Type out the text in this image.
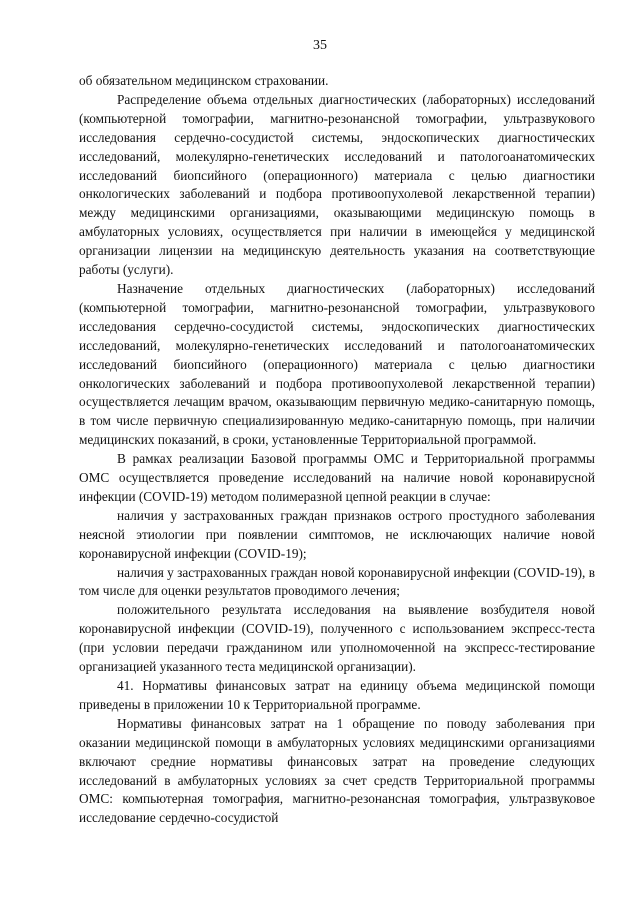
35

об обязательном медицинском страховании.

Распределение объема отдельных диагностических (лабораторных) исследований (компьютерной томографии, магнитно-резонансной томографии, ультразвукового исследования сердечно-сосудистой системы, эндоскопических диагностических исследований, молекулярно-генетических исследований и патологоанатомических исследований биопсийного (операционного) материала с целью диагностики онкологических заболеваний и подбора противоопухолевой лекарственной терапии) между медицинскими организациями, оказывающими медицинскую помощь в амбулаторных условиях, осуществляется при наличии в имеющейся у медицинской организации лицензии на медицинскую деятельность указания на соответствующие работы (услуги).

Назначение отдельных диагностических (лабораторных) исследований (компьютерной томографии, магнитно-резонансной томографии, ультразвукового исследования сердечно-сосудистой системы, эндоскопических диагностических исследований, молекулярно-генетических исследований и патологоанатомических исследований биопсийного (операционного) материала с целью диагностики онкологических заболеваний и подбора противоопухолевой лекарственной терапии) осуществляется лечащим врачом, оказывающим первичную медико-санитарную помощь, в том числе первичную специализированную медико-санитарную помощь, при наличии медицинских показаний, в сроки, установленные Территориальной программой.

В рамках реализации Базовой программы ОМС и Территориальной программы ОМС осуществляется проведение исследований на наличие новой коронавирусной инфекции (COVID-19) методом полимеразной цепной реакции в случае:

наличия у застрахованных граждан признаков острого простудного заболевания неясной этиологии при появлении симптомов, не исключающих наличие новой коронавирусной инфекции (COVID-19);

наличия у застрахованных граждан новой коронавирусной инфекции (COVID-19), в том числе для оценки результатов проводимого лечения;

положительного результата исследования на выявление возбудителя новой коронавирусной инфекции (COVID-19), полученного с использованием экспресс-теста (при условии передачи гражданином или уполномоченной на экспресс-тестирование организацией указанного теста медицинской организации).

41. Нормативы финансовых затрат на единицу объема медицинской помощи приведены в приложении 10 к Территориальной программе.

Нормативы финансовых затрат на 1 обращение по поводу заболевания при оказании медицинской помощи в амбулаторных условиях медицинскими организациями включают средние нормативы финансовых затрат на проведение следующих исследований в амбулаторных условиях за счет средств Территориальной программы ОМС: компьютерная томография, магнитно-резонансная томография, ультразвуковое исследование сердечно-сосудистой
